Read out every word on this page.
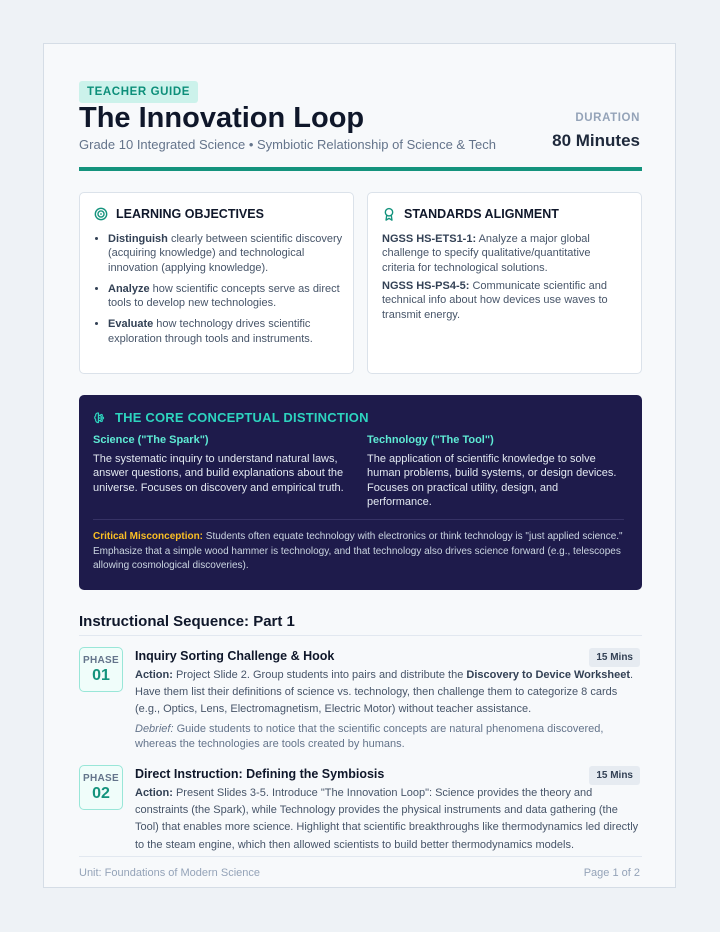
TEACHER GUIDE
The Innovation Loop
Grade 10 Integrated Science • Symbiotic Relationship of Science & Tech
DURATION
80 Minutes
LEARNING OBJECTIVES
• Distinguish clearly between scientific discovery (acquiring knowledge) and technological innovation (applying knowledge).
• Analyze how scientific concepts serve as direct tools to develop new technologies.
• Evaluate how technology drives scientific exploration through tools and instruments.
STANDARDS ALIGNMENT
NGSS HS-ETS1-1: Analyze a major global challenge to specify qualitative/quantitative criteria for technological solutions.
NGSS HS-PS4-5: Communicate scientific and technical info about how devices use waves to transmit energy.
THE CORE CONCEPTUAL DISTINCTION
Science ("The Spark")
The systematic inquiry to understand natural laws, answer questions, and build explanations about the universe. Focuses on discovery and empirical truth.
Technology ("The Tool")
The application of scientific knowledge to solve human problems, build systems, or design devices. Focuses on practical utility, design, and performance.
Critical Misconception: Students often equate technology with electronics or think technology is "just applied science." Emphasize that a simple wood hammer is technology, and that technology also drives science forward (e.g., telescopes allowing cosmological discoveries).
Instructional Sequence: Part 1
PHASE
01
Inquiry Sorting Challenge & Hook	15 Mins
Action: Project Slide 2. Group students into pairs and distribute the Discovery to Device Worksheet. Have them list their definitions of science vs. technology, then challenge them to categorize 8 cards (e.g., Optics, Lens, Electromagnetism, Electric Motor) without teacher assistance.
Debrief: Guide students to notice that the scientific concepts are natural phenomena discovered, whereas the technologies are tools created by humans.
PHASE
02
Direct Instruction: Defining the Symbiosis	15 Mins
Action: Present Slides 3-5. Introduce "The Innovation Loop": Science provides the theory and constraints (the Spark), while Technology provides the physical instruments and data gathering (the Tool) that enables more science. Highlight that scientific breakthroughs like thermodynamics led directly to the steam engine, which then allowed scientists to build better thermodynamics models.
Unit: Foundations of Modern Science	Page 1 of 2
